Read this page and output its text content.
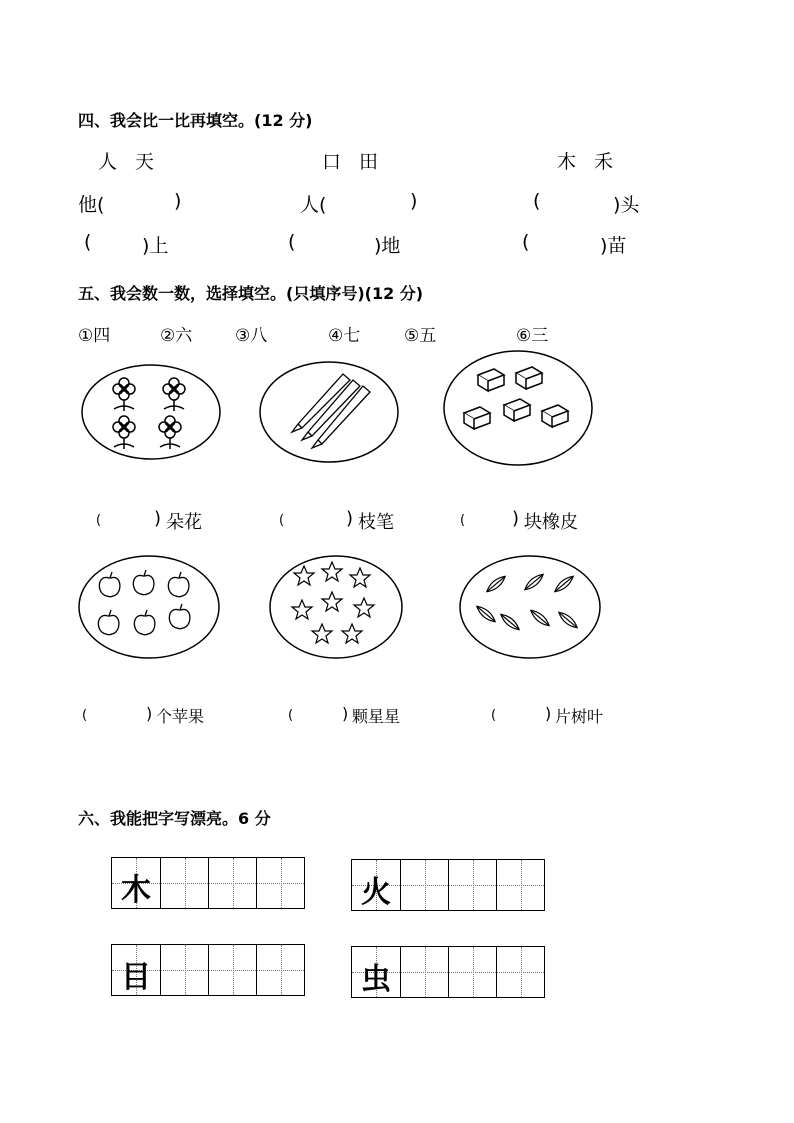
四、我会比一比再填空。(12 分)
人 天	口 田	木 禾
他(	)	人(	)	(	)头
(	)上	(	)地	(	)苗
五、我会数一数，选择填空。(只填序号)(12 分)
①四	②六	③八	④七	⑤五	⑥三
(	) 朵花	(	) 枝笔	(	) 块橡皮
(	) 个苹果	(	) 颗星星	(	) 片树叶
六、我能把字写漂亮。6 分
木	火
目	虫
